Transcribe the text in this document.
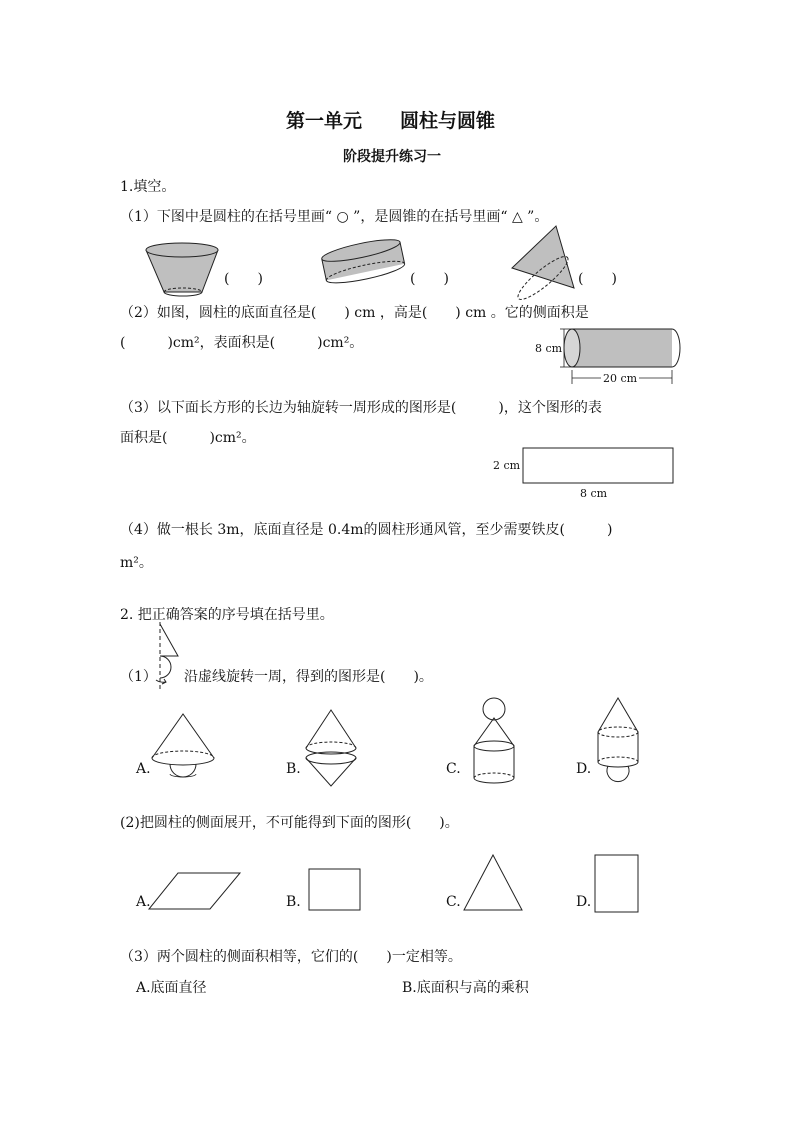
第一单元　　圆柱与圆锥
阶段提升练习一
1.填空。
（1）下图中是圆柱的在括号里画“ ○ ”，是圆锥的在括号里画“ △ ”。
(　　)	(　　)	(　　)
（2）如图，圆柱的底面直径是(　　) cm ，高是(　　) cm 。它的侧面积是
(　　　)cm²，表面积是(　　　)cm²。	8 cm
20 cm
（3）以下面长方形的长边为轴旋转一周形成的图形是(　　　)，这个图形的表
面积是(　　　)cm²。
2 cm
8 cm
（4）做一根长 3m，底面直径是 0.4m的圆柱形通风管，至少需要铁皮(　　　)
m²。
2. 把正确答案的序号填在括号里。
（1） 沿虚线旋转一周，得到的图形是(　　)。
A.	B.	C.	D.
(2)把圆柱的侧面展开，不可能得到下面的图形(　　)。
A.	B.	C.	D.
（3）两个圆柱的侧面积相等，它们的(　　)一定相等。
A.底面直径	B.底面积与高的乘积
